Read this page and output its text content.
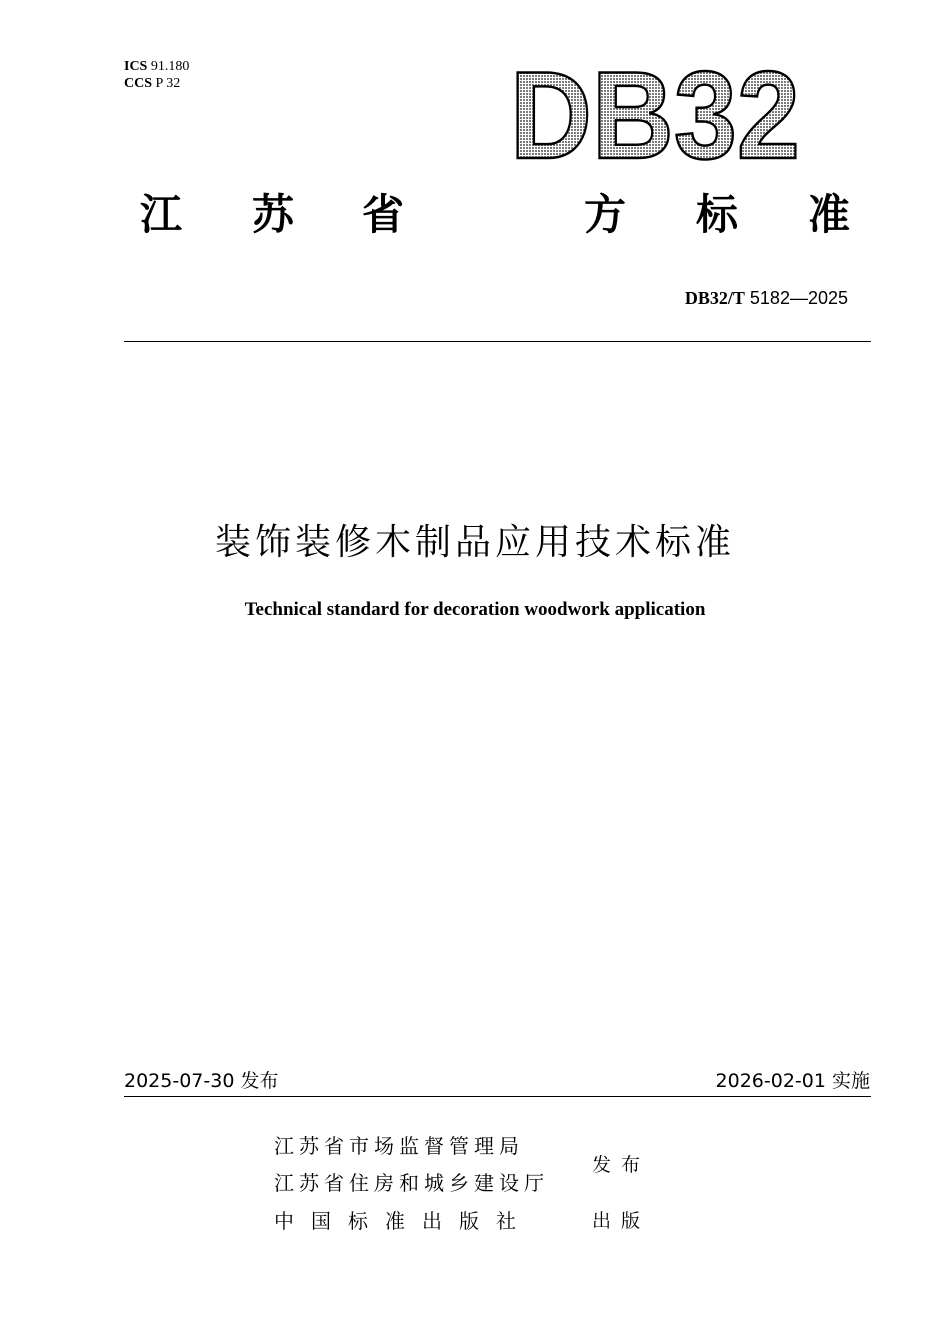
ICS 91.180
CCS P 32	DB32
江 苏 省	方 标 准
DB32/T 5182—2025
装饰装修木制品应用技术标准
Technical standard for decoration woodwork application
2025-07-30 发布	2026-02-01 实施
江苏省市场监督管理局
江苏省住房和城乡建设厅
中国标准出版社
发布
出版
